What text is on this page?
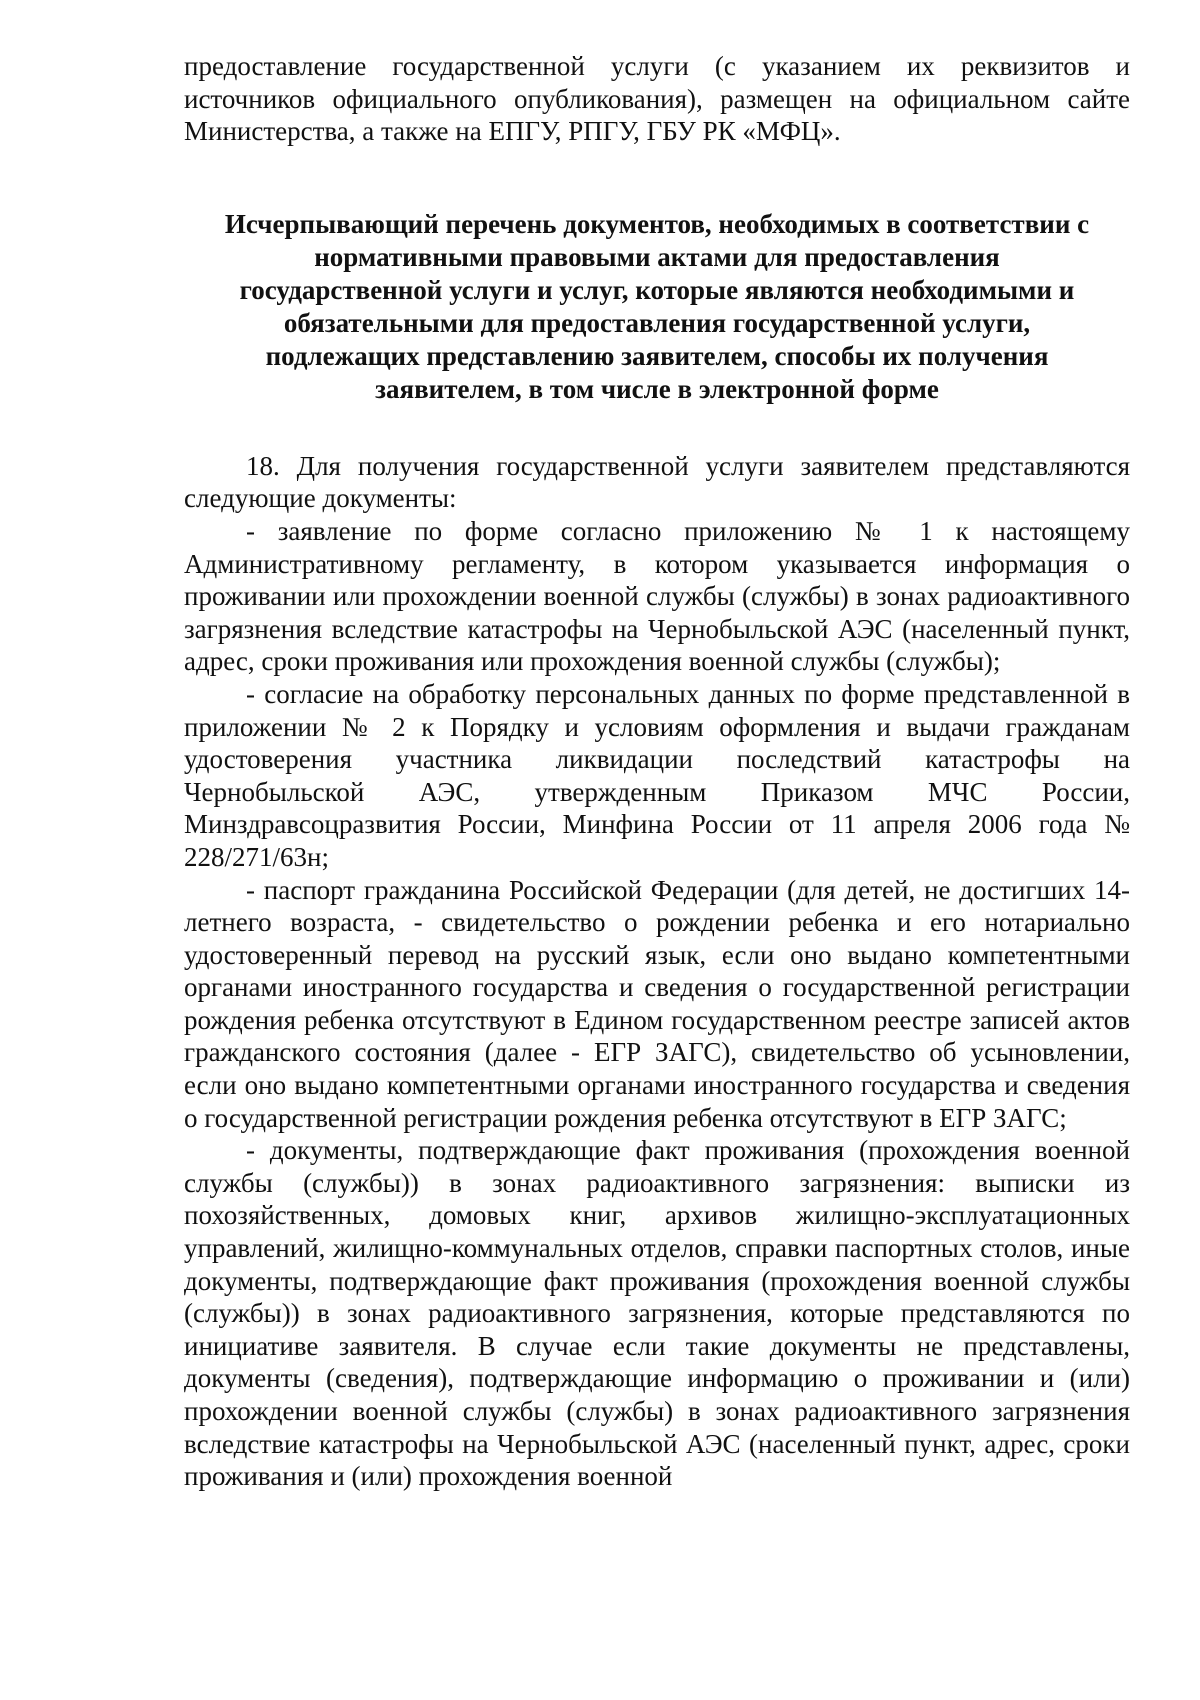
предоставление государственной услуги (с указанием их реквизитов и источников официального опубликования), размещен на официальном сайте Министерства, а также на ЕПГУ, РПГУ, ГБУ РК «МФЦ».

Исчерпывающий перечень документов, необходимых в соответствии с
нормативными правовыми актами для предоставления
государственной услуги и услуг, которые являются необходимыми и
обязательными для предоставления государственной услуги,
подлежащих представлению заявителем, способы их получения
заявителем, в том числе в электронной форме

18. Для получения государственной услуги заявителем представляются следующие документы:

- заявление по форме согласно приложению № 1 к настоящему Административному регламенту, в котором указывается информация о проживании или прохождении военной службы (службы) в зонах радиоактивного загрязнения вследствие катастрофы на Чернобыльской АЭС (населенный пункт, адрес, сроки проживания или прохождения военной службы (службы);

- согласие на обработку персональных данных по форме представленной в приложении № 2 к Порядку и условиям оформления и выдачи гражданам удостоверения участника ликвидации последствий катастрофы на Чернобыльской АЭС, утвержденным Приказом МЧС России, Минздравсоцразвития России, Минфина России от 11 апреля 2006 года № 228/271/63н;

- паспорт гражданина Российской Федерации (для детей, не достигших 14-летнего возраста, - свидетельство о рождении ребенка и его нотариально удостоверенный перевод на русский язык, если оно выдано компетентными органами иностранного государства и сведения о государственной регистрации рождения ребенка отсутствуют в Едином государственном реестре записей актов гражданского состояния (далее - ЕГР ЗАГС), свидетельство об усыновлении, если оно выдано компетентными органами иностранного государства и сведения о государственной регистрации рождения ребенка отсутствуют в ЕГР ЗАГС;

- документы, подтверждающие факт проживания (прохождения военной службы (службы)) в зонах радиоактивного загрязнения: выписки из похозяйственных, домовых книг, архивов жилищно-эксплуатационных управлений, жилищно-коммунальных отделов, справки паспортных столов, иные документы, подтверждающие факт проживания (прохождения военной службы (службы)) в зонах радиоактивного загрязнения, которые представляются по инициативе заявителя. В случае если такие документы не представлены, документы (сведения), подтверждающие информацию о проживании и (или) прохождении военной службы (службы) в зонах радиоактивного загрязнения вследствие катастрофы на Чернобыльской АЭС (населенный пункт, адрес, сроки проживания и (или) прохождения военной
